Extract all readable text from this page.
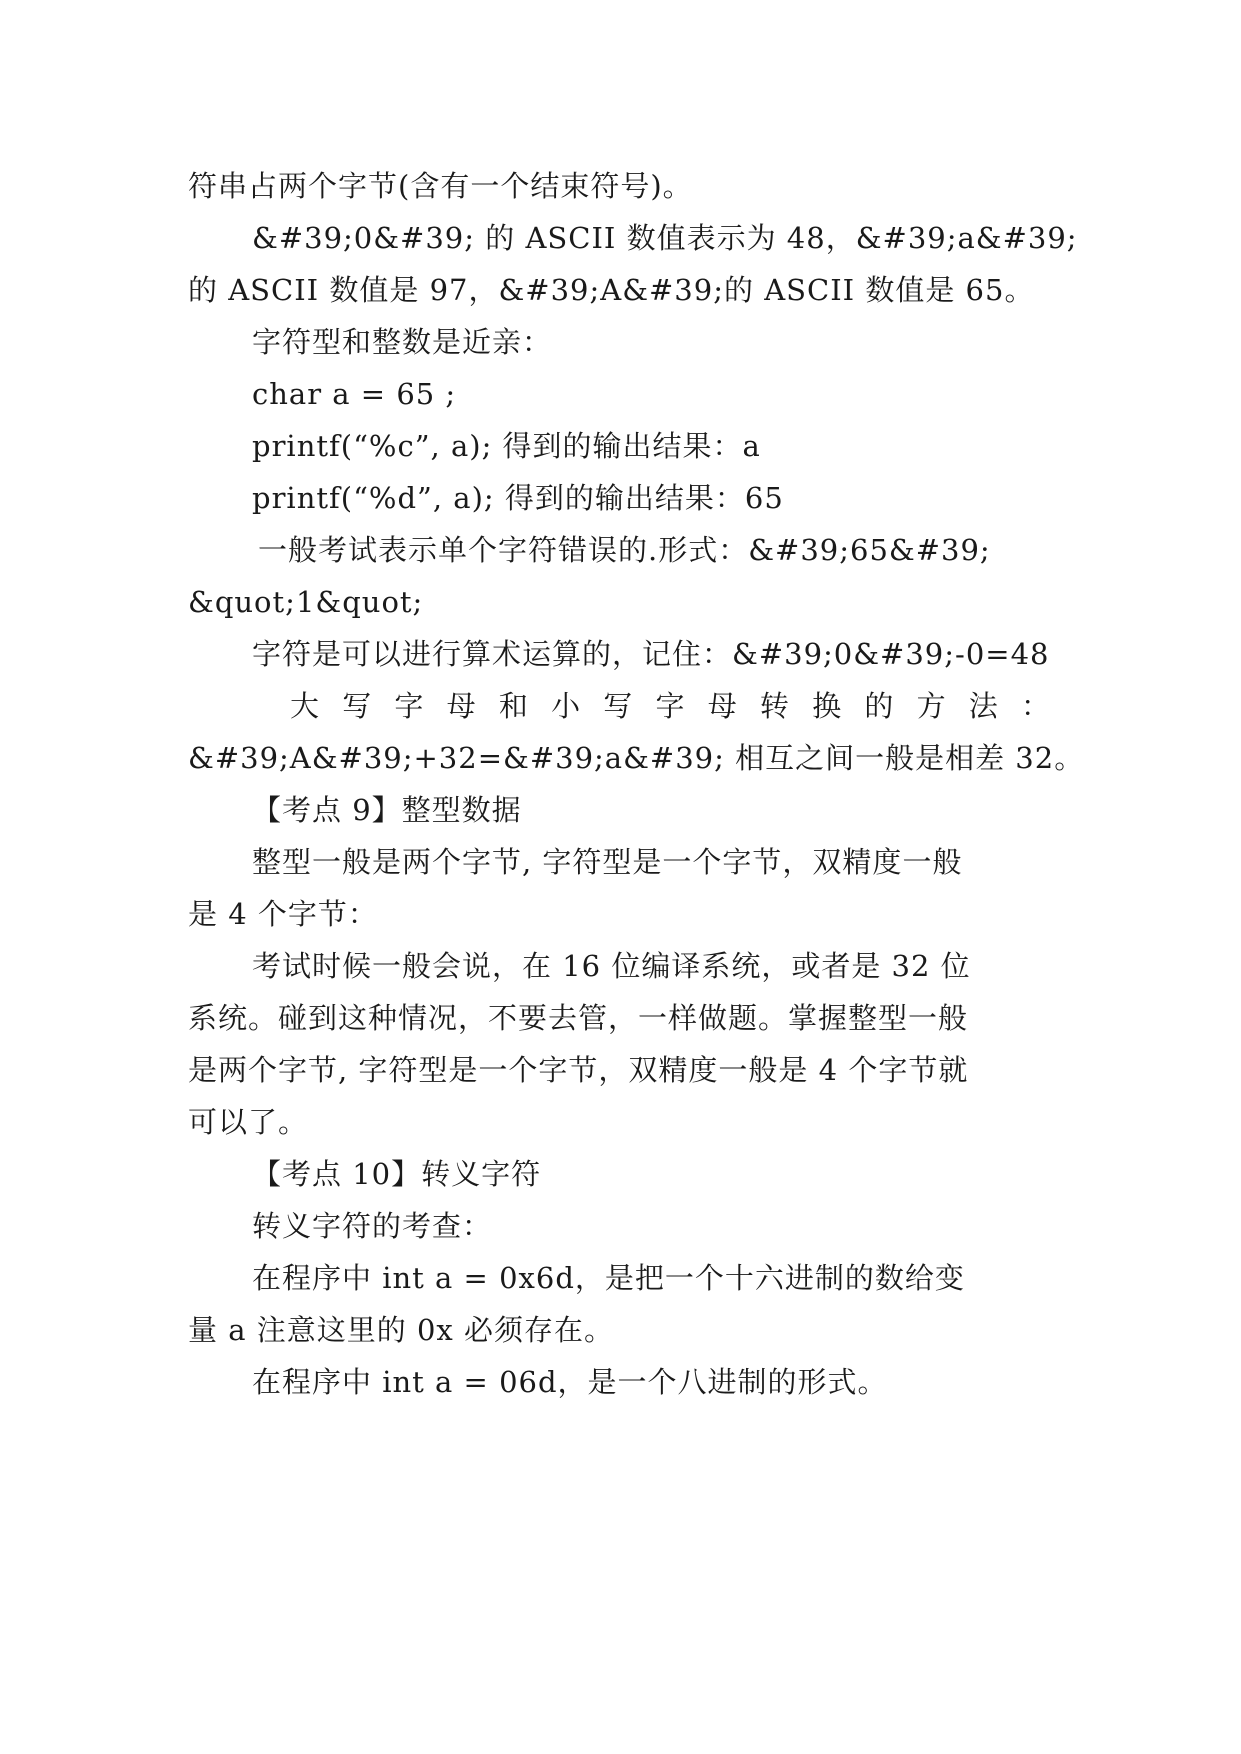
符串占两个字节(含有一个结束符号)。
&#39;0&#39; 的 ASCII 数值表示为 48，&#39;a&#39;
的 ASCII 数值是 97，&#39;A&#39;的 ASCII 数值是 65。
字符型和整数是近亲：
char a = 65 ;
printf(“%c”, a); 得到的输出结果：a
printf(“%d”, a); 得到的输出结果：65
一般考试表示单个字符错误的.形式：&#39;65&#39;
&quot;1&quot;
字符是可以进行算术运算的，记住：&#39;0&#39;-0=48
大 写 字 母 和 小 写 字 母 转 换 的 方 法 ：
&#39;A&#39;+32=&#39;a&#39; 相互之间一般是相差 32。
【考点 9】整型数据
整型一般是两个字节, 字符型是一个字节，双精度一般
是 4 个字节：
考试时候一般会说，在 16 位编译系统，或者是 32 位
系统。碰到这种情况，不要去管，一样做题。掌握整型一般
是两个字节, 字符型是一个字节，双精度一般是 4 个字节就
可以了。
【考点 10】转义字符
转义字符的考查：
在程序中 int a = 0x6d，是把一个十六进制的数给变
量 a 注意这里的 0x 必须存在。
在程序中 int a = 06d，是一个八进制的形式。
